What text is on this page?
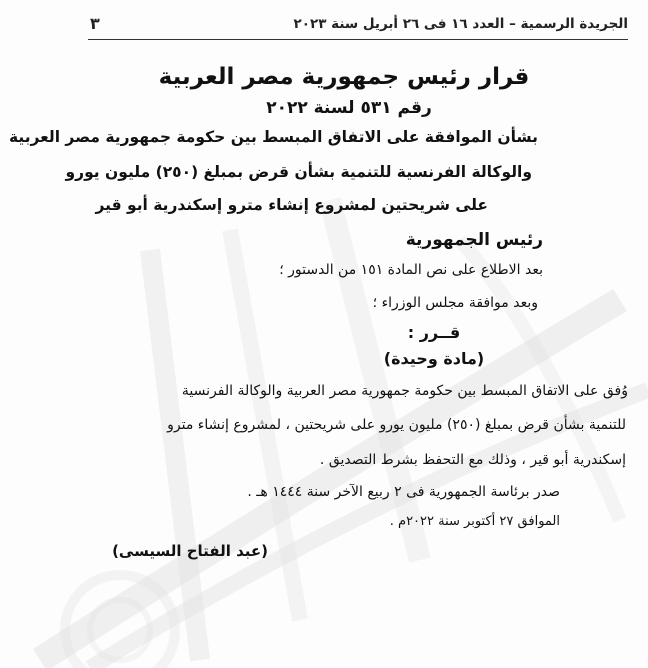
الجريدة الرسمية – العدد ١٦ فى ٢٦ أبريل سنة ٢٠٢٣
٣
قرار رئيس جمهورية مصر العربية
رقم ٥٣١ لسنة ٢٠٢٢
بشأن الموافقة على الاتفاق المبسط بين حكومة جمهورية مصر العربية
والوكالة الفرنسية للتنمية بشأن قرض بمبلغ (٢٥٠) مليون يورو
على شريحتين لمشروع إنشاء مترو إسكندرية أبو قير
رئيس الجمهورية
بعد الاطلاع على نص المادة ١٥١ من الدستور ؛
وبعد موافقة مجلس الوزراء ؛
قــرر :
(مادة وحيدة)
وُفق على الاتفاق المبسط بين حكومة جمهورية مصر العربية والوكالة الفرنسية
للتنمية بشأن قرض بمبلغ (٢٥٠) مليون يورو على شريحتين ، لمشروع إنشاء مترو
إسكندرية أبو قير ، وذلك مع التحفظ بشرط التصديق .
صدر برئاسة الجمهورية فى ٢ ربيع الآخر سنة ١٤٤٤ هـ .
الموافق ٢٧ أكتوبر سنة ٢٠٢٢م .
(عبد الفتاح السيسى)
